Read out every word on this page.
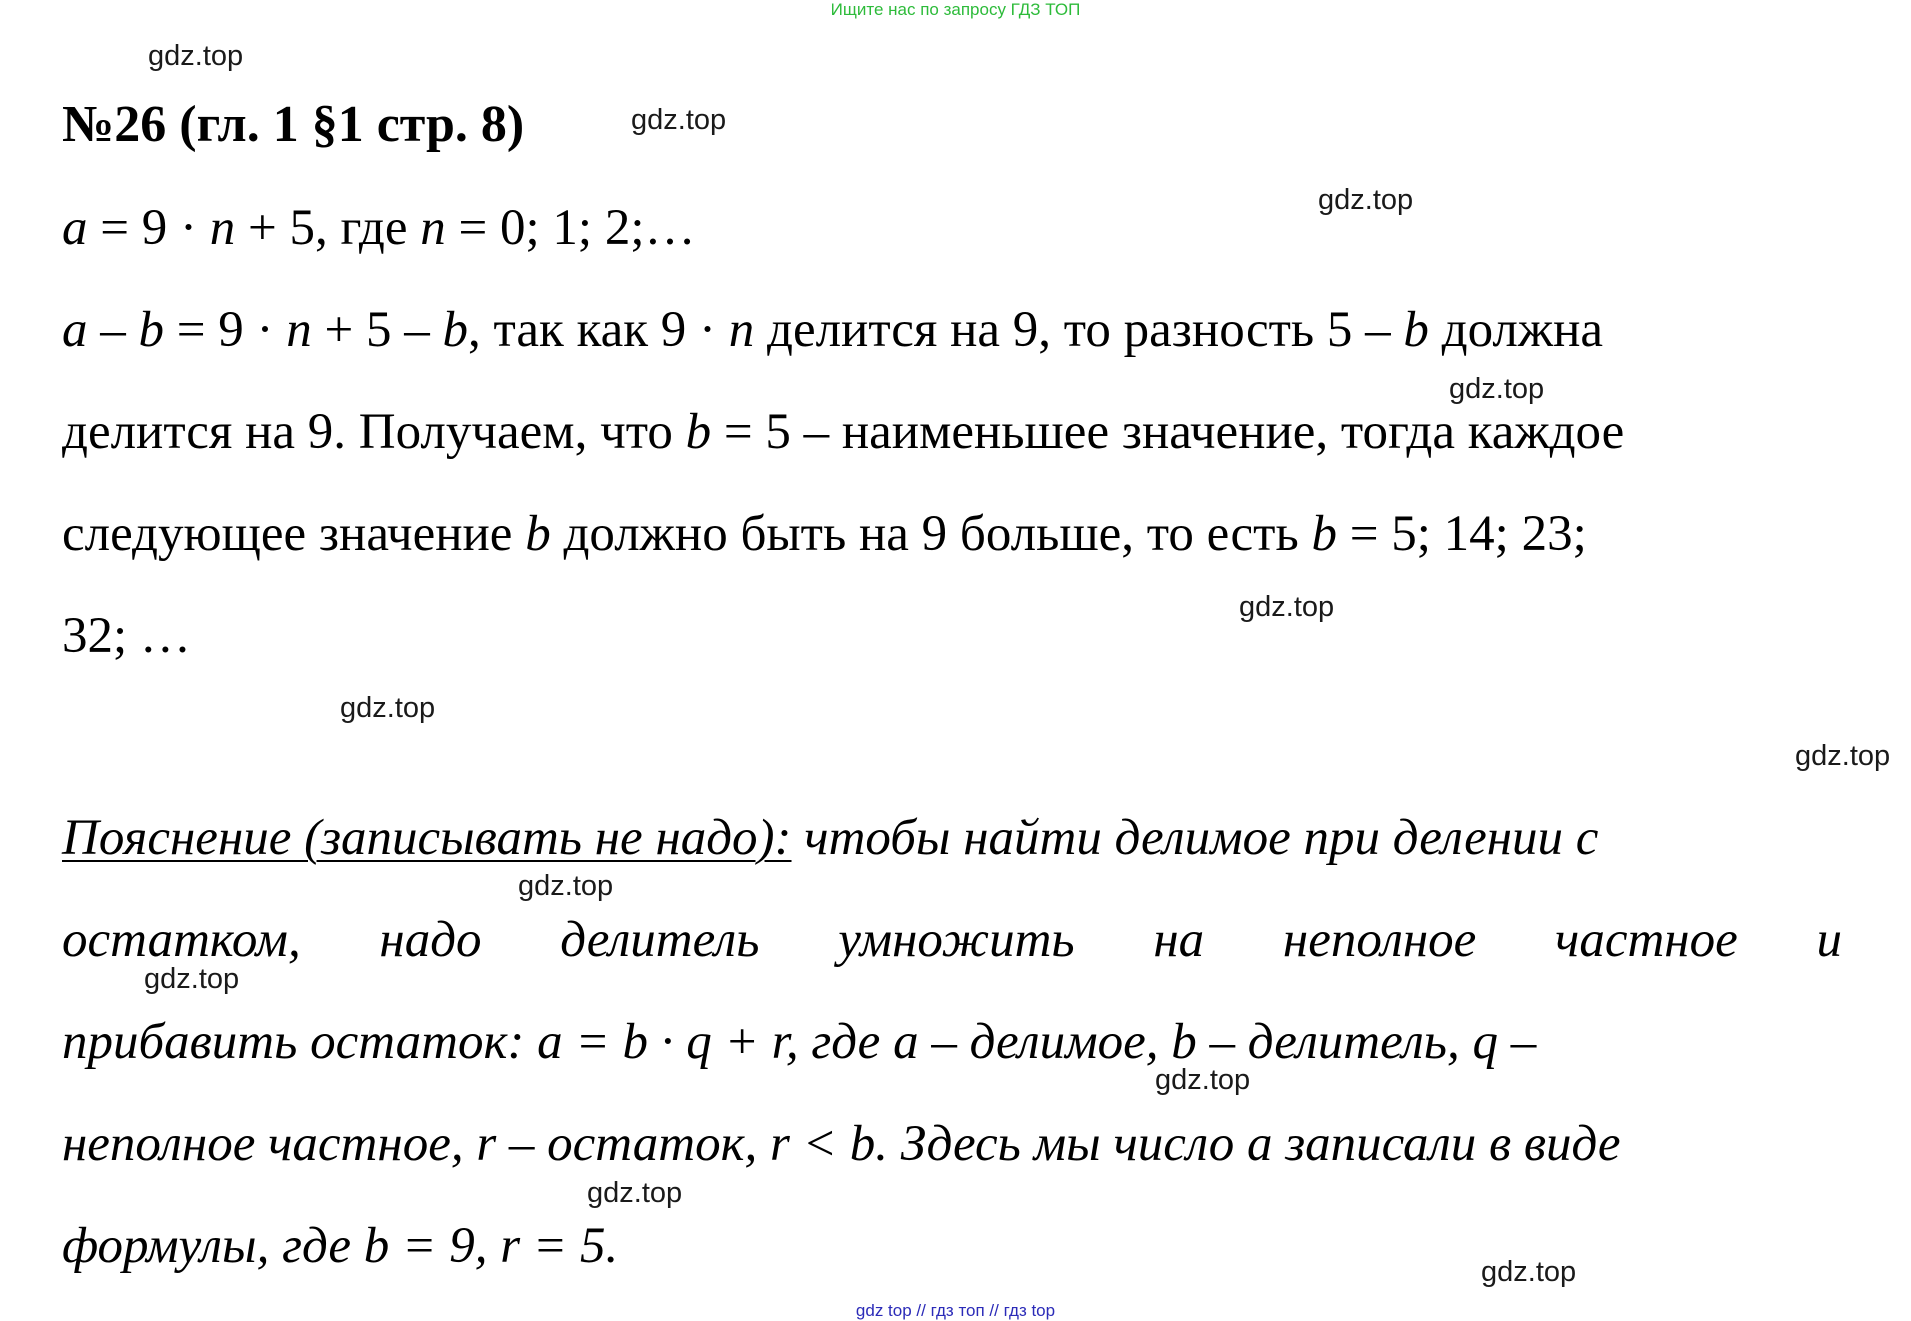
Ищите нас по запросу ГДЗ ТОП
gdz.top
gdz.top
gdz.top
gdz.top
gdz.top
gdz.top
gdz.top
gdz.top
gdz.top
gdz.top
gdz.top
gdz.top
№26 (гл. 1 §1 стр. 8)
a = 9 · n + 5, где n = 0; 1; 2;…
a – b = 9 · n + 5 – b, так как 9 · n делится на 9, то разность 5 – b должна
делится на 9. Получаем, что b = 5 – наименьшее значение, тогда каждое
следующее значение b должно быть на 9 больше, то есть b = 5; 14; 23;
32; …
Пояснение (записывать не надо): чтобы найти делимое при делении с
остатком, надо делитель умножить на неполное частное и
прибавить остаток: a = b · q + r, где a – делимое, b – делитель, q –
неполное частное, r – остаток, r < b. Здесь мы число а записали в виде
формулы, где b = 9, r = 5.
gdz top // гдз топ // гдз top
